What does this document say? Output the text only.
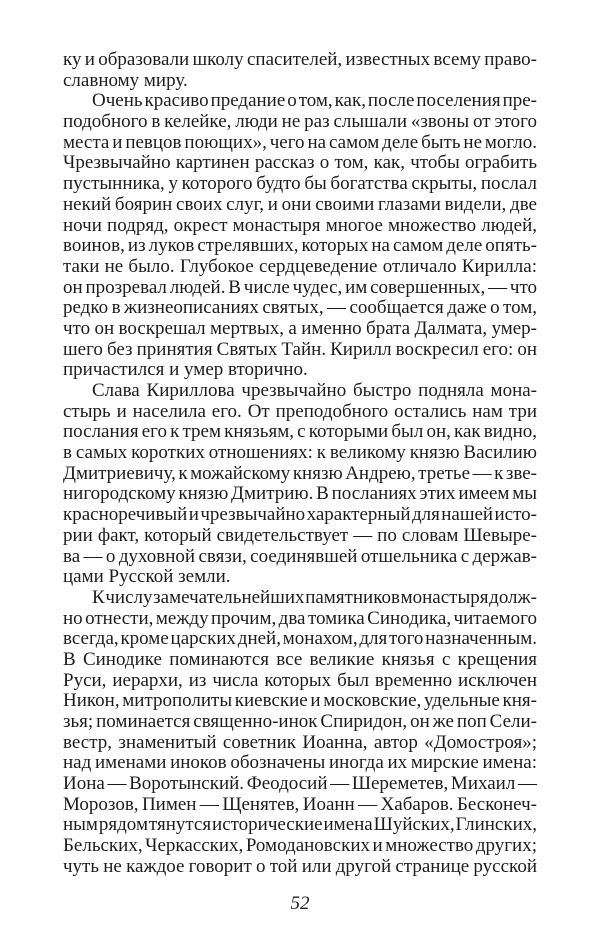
ку и образовали школу спасителей, известных всему право-
славному миру.
Очень красиво предание о том, как, после поселения пре-
подобного в келейке, люди не раз слышали «звоны от этого
места и певцов поющих», чего на самом деле быть не могло.
Чрезвычайно картинен рассказ о том, как, чтобы ограбить
пустынника, у которого будто бы богатства скрыты, послал
некий боярин своих слуг, и они своими глазами видели, две
ночи подряд, окрест монастыря многое множество людей,
воинов, из луков стрелявших, которых на самом деле опять-
таки не было. Глубокое сердцеведение отличало Кирилла:
он прозревал людей. В числе чудес, им совершенных, — что
редко в жизнеописаниях святых, — сообщается даже о том,
что он воскрешал мертвых, а именно брата Далмата, умер-
шего без принятия Святых Тайн. Кирилл воскресил его: он
причастился и умер вторично.
Слава Кириллова чрезвычайно быстро подняла мона-
стырь и населила его. От преподобного остались нам три
послания его к трем князьям, с которыми был он, как видно,
в самых коротких отношениях: к великому князю Василию
Дмитриевичу, к можайскому князю Андрею, третье — к зве-
нигородскому князю Дмитрию. В посланиях этих имеем мы
красноречивый и чрезвычайно характерный для нашей исто-
рии факт, который свидетельствует — по словам Шевыре-
ва — о духовной связи, соединявшей отшельника с держав-
цами Русской земли.
К числу замечательнейших памятников монастыря долж-
но отнести, между прочим, два томика Синодика, читаемого
всегда, кроме царских дней, монахом, для того назначенным.
В Синодике поминаются все великие князья с крещения
Руси, иерархи, из числа которых был временно исключен
Никон, митрополиты киевские и московские, удельные кня-
зья; поминается священно-инок Спиридон, он же поп Сели-
вестр, знаменитый советник Иоанна, автор «Домостроя»;
над именами иноков обозначены иногда их мирские имена:
Иона — Воротынский. Феодосий — Шереметев, Михаил —
Морозов, Пимен — Щенятев, Иоанн — Хабаров. Бесконеч-
ным рядом тянутся исторические имена Шуйских, Глинских,
Бельских, Черкасских, Ромодановских и множество других;
чуть не каждое говорит о той или другой странице русской
52
